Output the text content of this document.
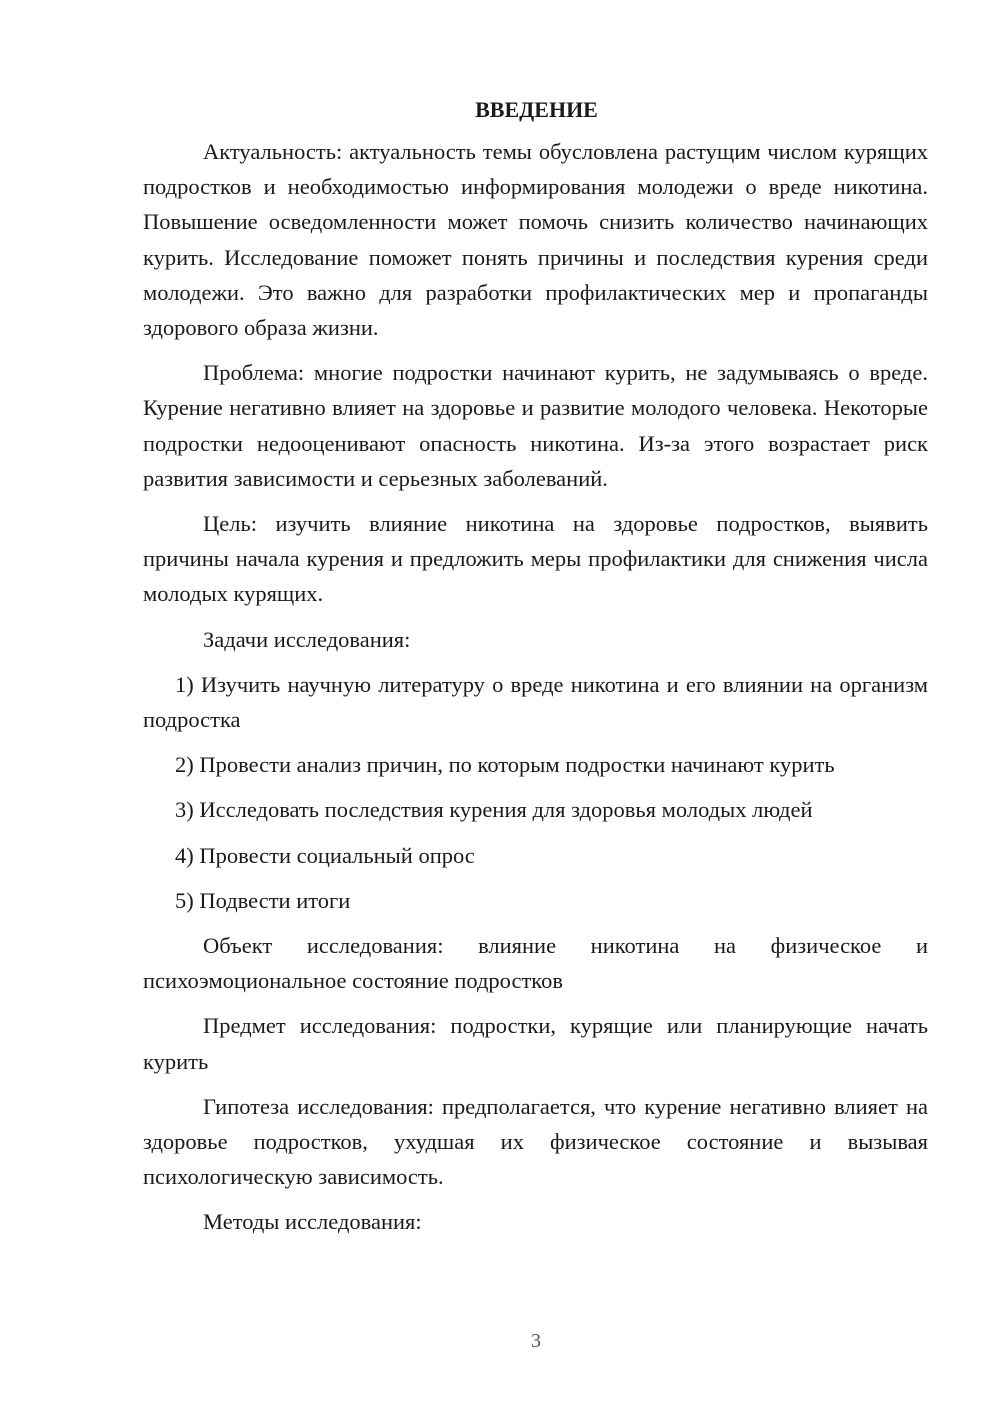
ВВЕДЕНИЕ

Актуальность: актуальность темы обусловлена растущим числом курящих подростков и необходимостью информирования молодежи о вреде никотина. Повышение осведомленности может помочь снизить количество начинающих курить. Исследование поможет понять причины и последствия курения среди молодежи. Это важно для разработки профилактических мер и пропаганды здорового образа жизни.

Проблема: многие подростки начинают курить, не задумываясь о вреде. Курение негативно влияет на здоровье и развитие молодого человека. Некоторые подростки недооценивают опасность никотина. Из-за этого возрастает риск развития зависимости и серьезных заболеваний.

Цель: изучить влияние никотина на здоровье подростков, выявить причины начала курения и предложить меры профилактики для снижения числа молодых курящих.

Задачи исследования:

1) Изучить научную литературу о вреде никотина и его влиянии на организм подростка

2) Провести анализ причин, по которым подростки начинают курить

3) Исследовать последствия курения для здоровья молодых людей

4) Провести социальный опрос

5) Подвести итоги

Объект исследования: влияние никотина на физическое и психоэмоциональное состояние подростков

Предмет исследования: подростки, курящие или планирующие начать курить

Гипотеза исследования: предполагается, что курение негативно влияет на здоровье подростков, ухудшая их физическое состояние и вызывая психологическую зависимость.

Методы исследования:

3
